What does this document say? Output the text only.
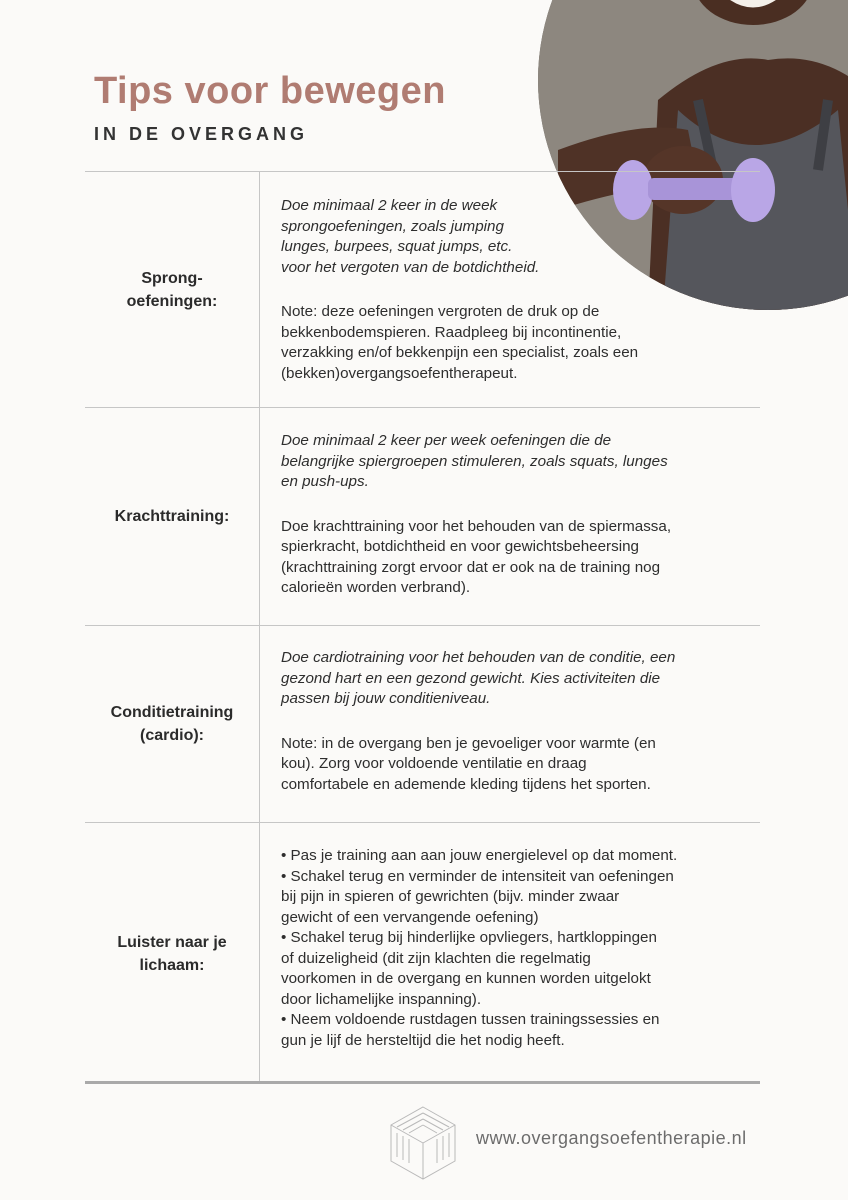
Tips voor bewegen
IN DE OVERGANG
Sprong-
oefeningen:

Doe minimaal 2 keer in de week
sprongoefeningen, zoals jumping
lunges, burpees, squat jumps, etc.
voor het vergoten van de botdichtheid.

Note: deze oefeningen vergroten de druk op de
bekkenbodemspieren. Raadpleeg bij incontinentie,
verzakking en/of bekkenpijn een specialist, zoals een
(bekken)overgangsoefentherapeut.

Krachttraining:

Doe minimaal 2 keer per week oefeningen die de
belangrijke spiergroepen stimuleren, zoals squats, lunges
en push-ups.

Doe krachttraining voor het behouden van de spiermassa,
spierkracht, botdichtheid en voor gewichtsbeheersing
(krachttraining zorgt ervoor dat er ook na de training nog
calorieën worden verbrand).

Conditietraining
(cardio):

Doe cardiotraining voor het behouden van de conditie, een
gezond hart en een gezond gewicht. Kies activiteiten die
passen bij jouw conditieniveau.

Note: in de overgang ben je gevoeliger voor warmte (en
kou). Zorg voor voldoende ventilatie en draag
comfortabele en ademende kleding tijdens het sporten.

Luister naar je
lichaam:
• Pas je training aan aan jouw energielevel op dat moment.
• Schakel terug en verminder de intensiteit van oefeningen
bij pijn in spieren of gewrichten (bijv. minder zwaar
gewicht of een vervangende oefening)
• Schakel terug bij hinderlijke opvliegers, hartkloppingen
of duizeligheid (dit zijn klachten die regelmatig
voorkomen in de overgang en kunnen worden uitgelokt
door lichamelijke inspanning).
• Neem voldoende rustdagen tussen trainingssessies en
gun je lijf de hersteltijd die het nodig heeft.
www.overgangsoefentherapie.nl
